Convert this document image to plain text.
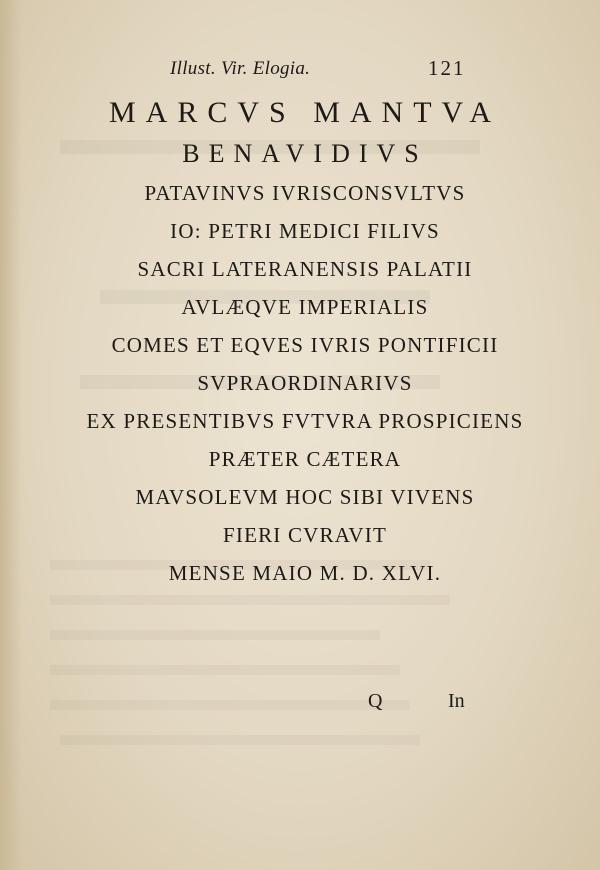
Illust. Vir. Elogia.	121
MARCVS MANTVA
BENAVIDIVS
PATAVINVS IVRISCONSVLTVS
IO: PETRI MEDICI FILIVS
SACRI LATERANENSIS PALATII
AVLÆQVE IMPERIALIS
COMES ET EQVES IVRIS PONTIFICII
SVPRAORDINARIVS
EX PRESENTIBVS FVTVRA PROSPICIENS
PRÆTER CÆTERA
MAVSOLEVM HOC SIBI VIVENS
FIERI CVRAVIT
MENSE MAIO M. D. XLVI.
Q	In
